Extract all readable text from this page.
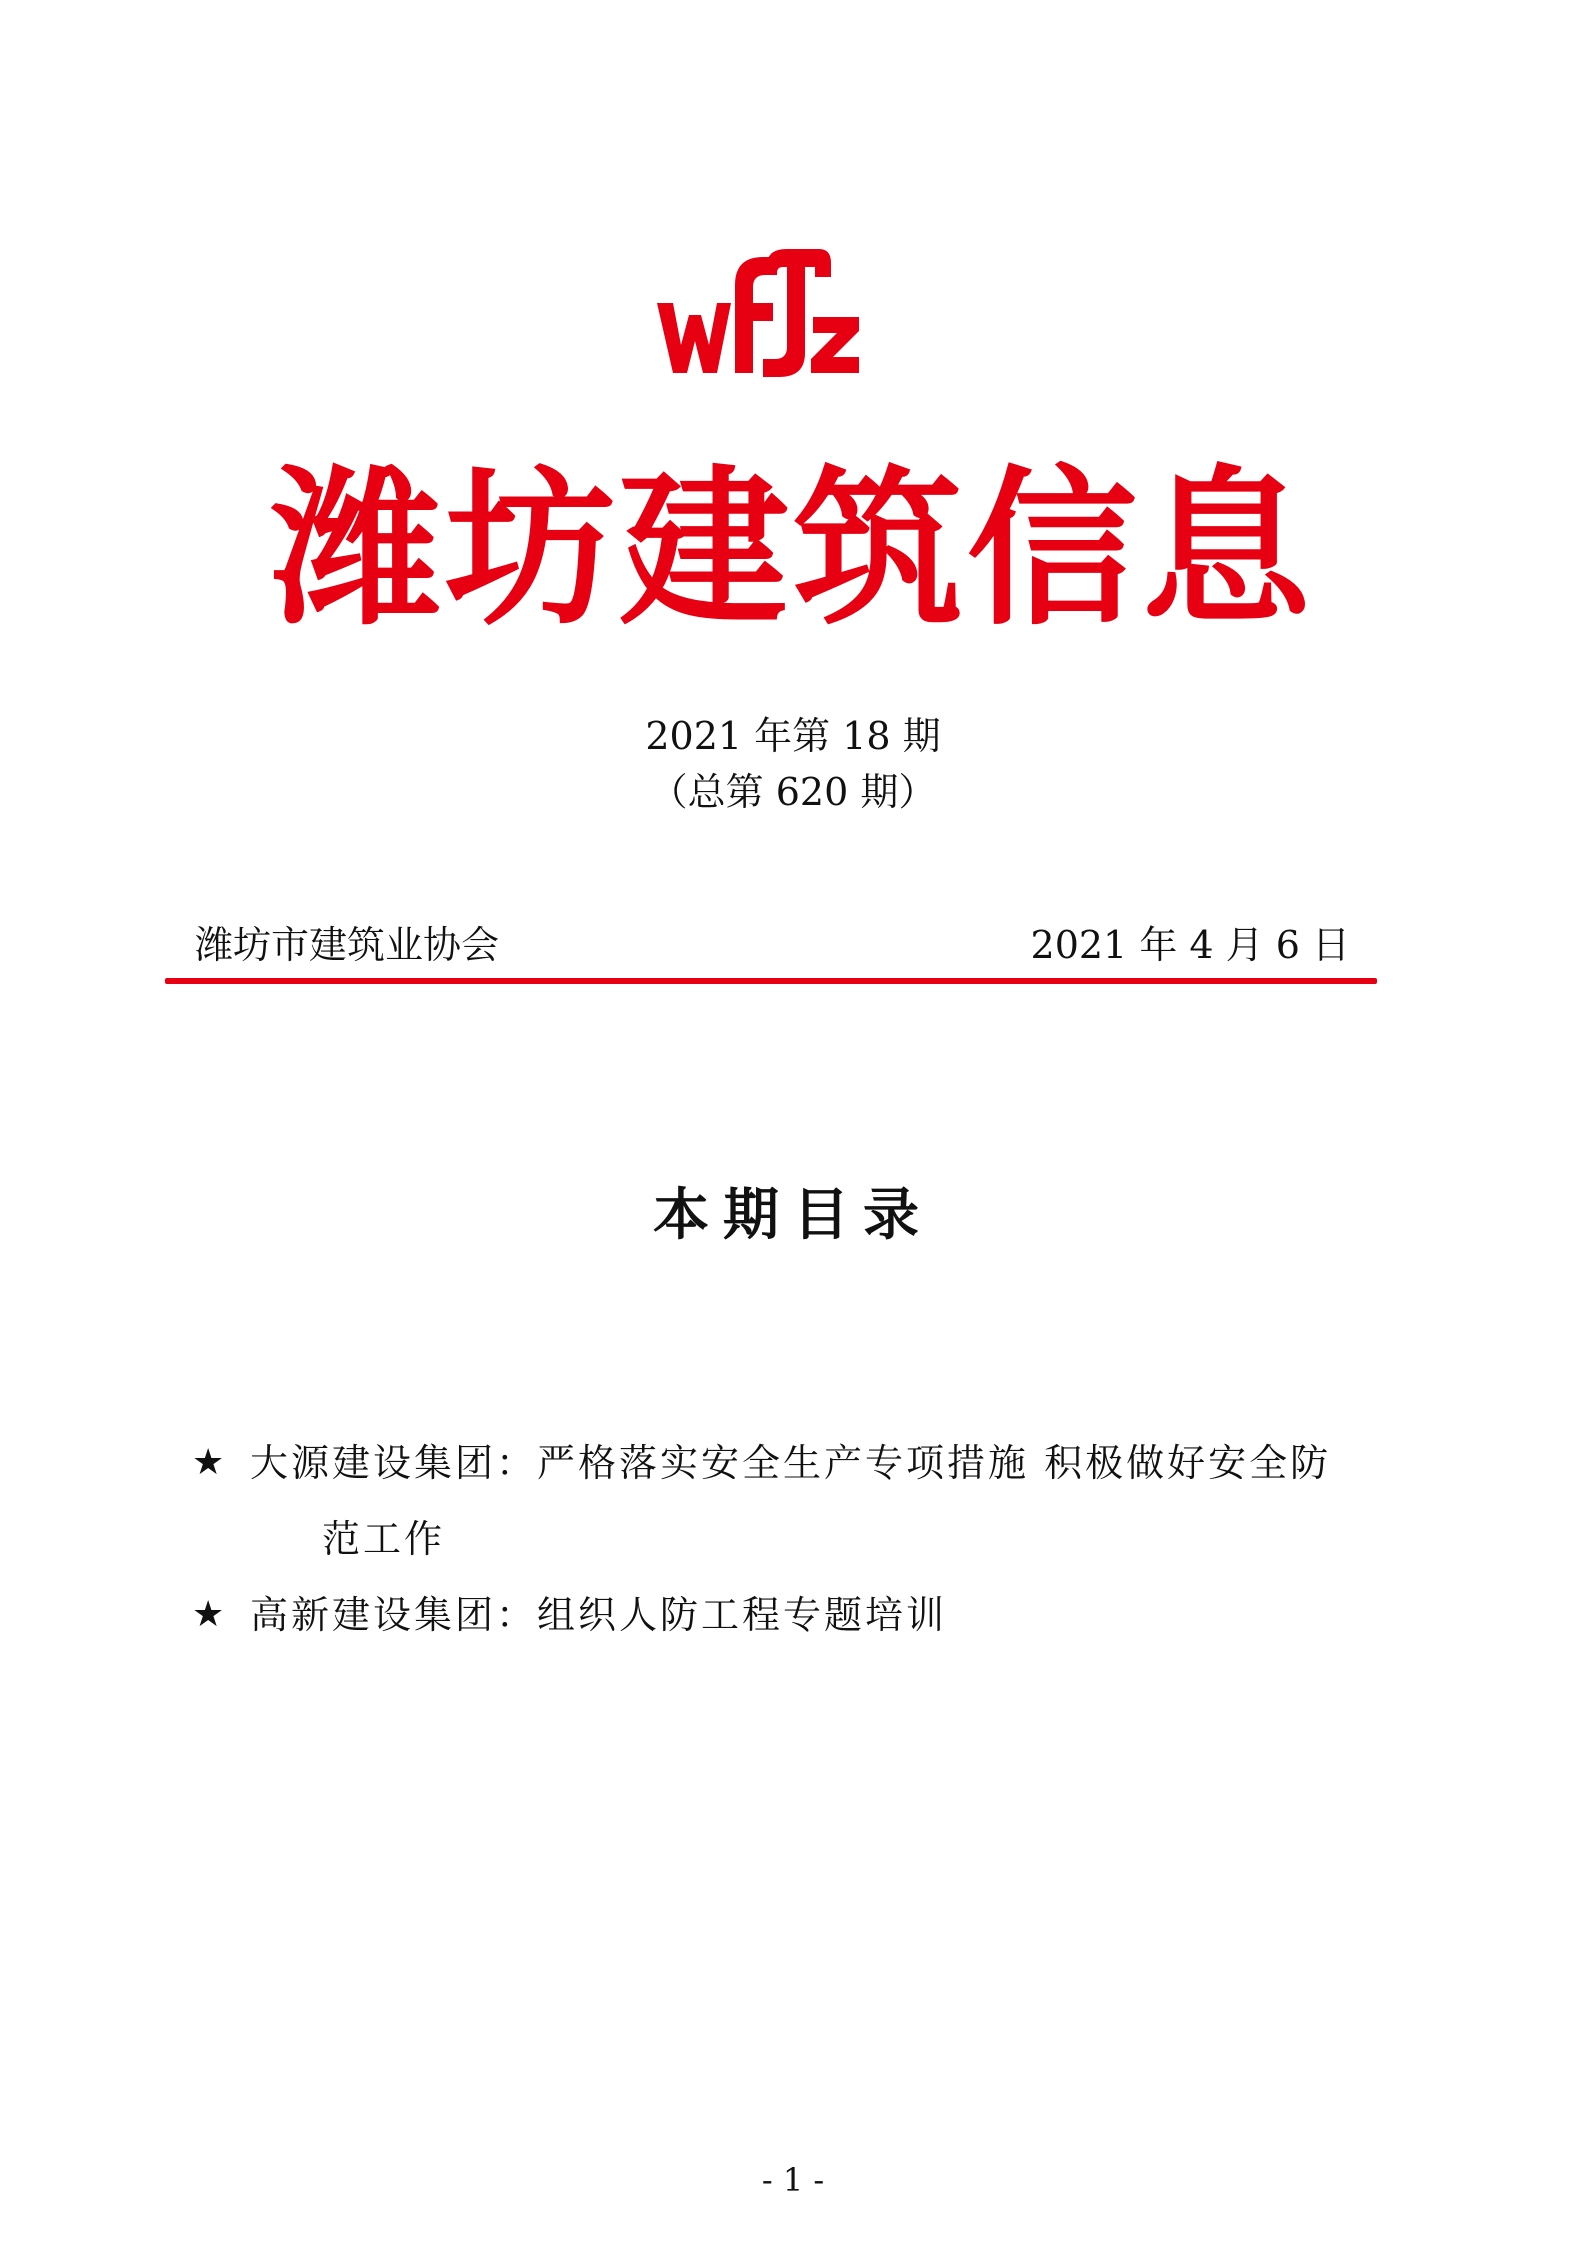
潍坊建筑信息
2021 年第 18 期
（总第 620 期）
潍坊市建筑业协会	2021 年 4 月 6 日
本期目录
★ 大源建设集团：严格落实安全生产专项措施 积极做好安全防
范工作
★ 高新建设集团：组织人防工程专题培训
- 1 -
